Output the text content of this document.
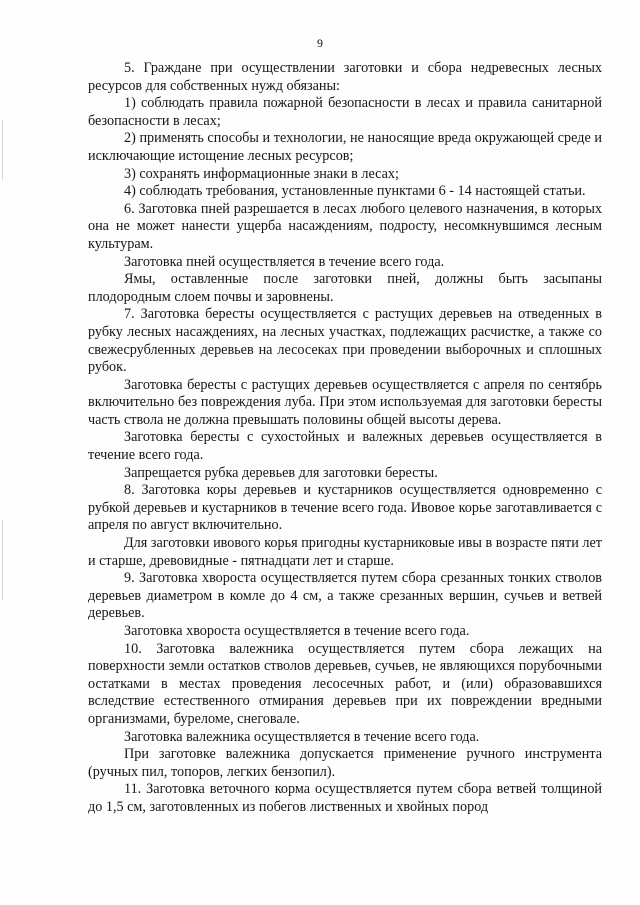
9

5. Граждане при осуществлении заготовки и сбора недревесных лесных ресурсов для собственных нужд обязаны:

1) соблюдать правила пожарной безопасности в лесах и правила санитарной безопасности в лесах;

2) применять способы и технологии, не наносящие вреда окружающей среде и исключающие истощение лесных ресурсов;

3) сохранять информационные знаки в лесах;

4) соблюдать требования, установленные пунктами 6 - 14 настоящей статьи.

6. Заготовка пней разрешается в лесах любого целевого назначения, в которых она не может нанести ущерба насаждениям, подросту, несомкнувшимся лесным культурам.

Заготовка пней осуществляется в течение всего года.

Ямы, оставленные после заготовки пней, должны быть засыпаны плодородным слоем почвы и заровнены.

7. Заготовка бересты осуществляется с растущих деревьев на отведенных в рубку лесных насаждениях, на лесных участках, подлежащих расчистке, а также со свежесрубленных деревьев на лесосеках при проведении выборочных и сплошных рубок.

Заготовка бересты с растущих деревьев осуществляется с апреля по сентябрь включительно без повреждения луба. При этом используемая для заготовки бересты часть ствола не должна превышать половины общей высоты дерева.

Заготовка бересты с сухостойных и валежных деревьев осуществляется в течение всего года.

Запрещается рубка деревьев для заготовки бересты.

8. Заготовка коры деревьев и кустарников осуществляется одновременно с рубкой деревьев и кустарников в течение всего года. Ивовое корье заготавливается с апреля по август включительно.

Для заготовки ивового корья пригодны кустарниковые ивы в возрасте пяти лет и старше, древовидные - пятнадцати лет и старше.

9. Заготовка хвороста осуществляется путем сбора срезанных тонких стволов деревьев диаметром в комле до 4 см, а также срезанных вершин, сучьев и ветвей деревьев.

Заготовка хвороста осуществляется в течение всего года.

10. Заготовка валежника осуществляется путем сбора лежащих на поверхности земли остатков стволов деревьев, сучьев, не являющихся порубочными остатками в местах проведения лесосечных работ, и (или) образовавшихся вследствие естественного отмирания деревьев при их повреждении вредными организмами, буреломе, снеговале.

Заготовка валежника осуществляется в течение всего года.

При заготовке валежника допускается применение ручного инструмента (ручных пил, топоров, легких бензопил).

11. Заготовка веточного корма осуществляется путем сбора ветвей толщиной до 1,5 см, заготовленных из побегов лиственных и хвойных пород
